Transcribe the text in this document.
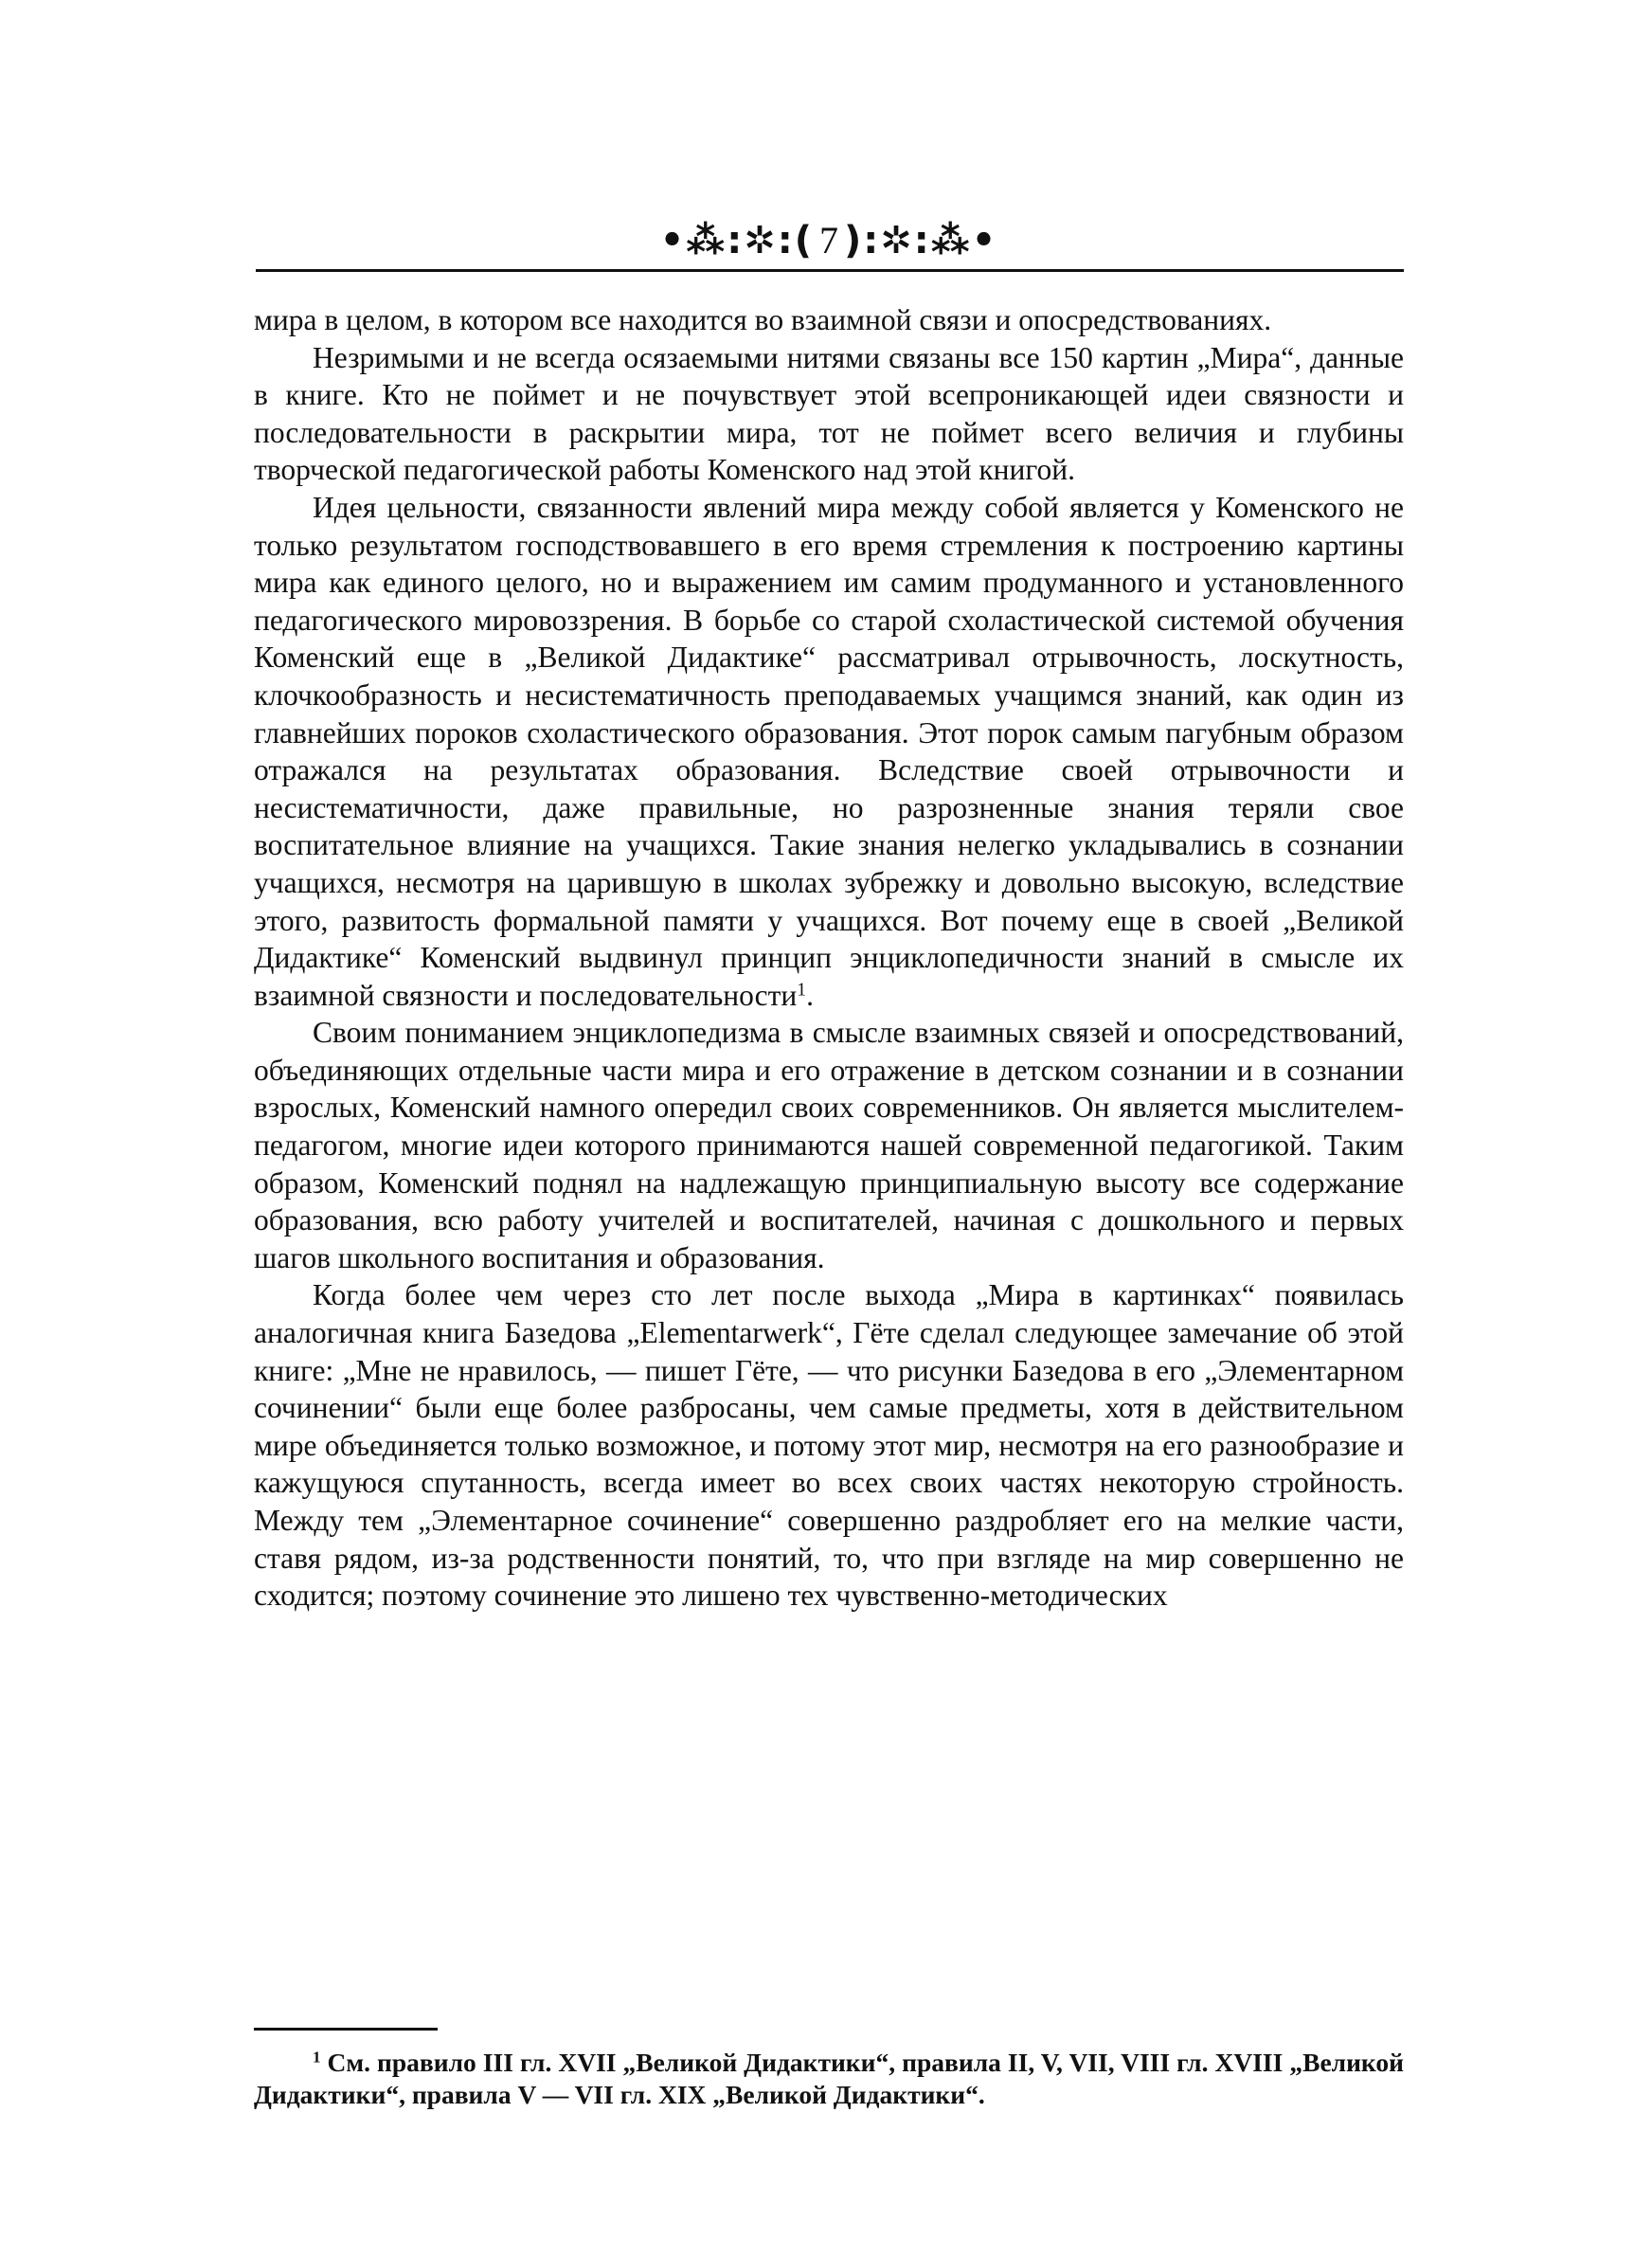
•⁂:✲:( 7 ):✲:⁂•

мира в целом, в котором все находится во взаимной связи и опосредствованиях.

Незримыми и не всегда осязаемыми нитями связаны все 150 картин „Мира“, данные в книге. Кто не поймет и не почувствует этой всепроникающей идеи связности и последовательности в раскрытии мира, тот не поймет всего величия и глубины творческой педагогической работы Коменского над этой книгой.

Идея цельности, связанности явлений мира между собой является у Коменского не только результатом господствовавшего в его время стремления к построению картины мира как единого целого, но и выражением им самим продуманного и установленного педагогического мировоззрения. В борьбе со старой схоластической системой обучения Коменский еще в „Великой Дидактике“ рассматривал отрывочность, лоскутность, клочкообразность и несистематичность преподаваемых учащимся знаний, как один из главнейших пороков схоластического образования. Этот порок самым пагубным образом отражался на результатах образования. Вследствие своей отрывочности и несистематичности, даже правильные, но разрозненные знания теряли свое воспитательное влияние на учащихся. Такие знания нелегко укладывались в сознании учащихся, несмотря на царившую в школах зубрежку и довольно высокую, вследствие этого, развитость формальной памяти у учащихся. Вот почему еще в своей „Великой Дидактике“ Коменский выдвинул принцип энциклопедичности знаний в смысле их взаимной связности и последовательности$^1$.

Своим пониманием энциклопедизма в смысле взаимных связей и опосредствований, объединяющих отдельные части мира и его отражение в детском сознании и в сознании взрослых, Коменский намного опередил своих современников. Он является мыслителем-педагогом, многие идеи которого принимаются нашей современной педагогикой. Таким образом, Коменский поднял на надлежащую принципиальную высоту все содержание образования, всю работу учителей и воспитателей, начиная с дошкольного и первых шагов школьного воспитания и образования.

Когда более чем через сто лет после выхода „Мира в картинках“ появилась аналогичная книга Базедова „Elementarwerk“, Гёте сделал следующее замечание об этой книге: „Мне не нравилось, — пишет Гёте, — что рисунки Базедова в его „Элементарном сочинении“ были еще более разбросаны, чем самые предметы, хотя в действительном мире объединяется только возможное, и потому этот мир, несмотря на его разнообразие и кажущуюся спутанность, всегда имеет во всех своих частях некоторую стройность. Между тем „Элементарное сочинение“ совершенно раздробляет его на мелкие части, ставя рядом, из-за родственности понятий, то, что при взгляде на мир совершенно не сходится; поэтому сочинение это лишено тех чувственно-методических

$^1$ См. правило III гл. XVII „Великой Дидактики“, правила II, V, VII, VIII гл. XVIII „Великой Дидактики“, правила V — VII гл. XIX „Великой Дидактики“.
